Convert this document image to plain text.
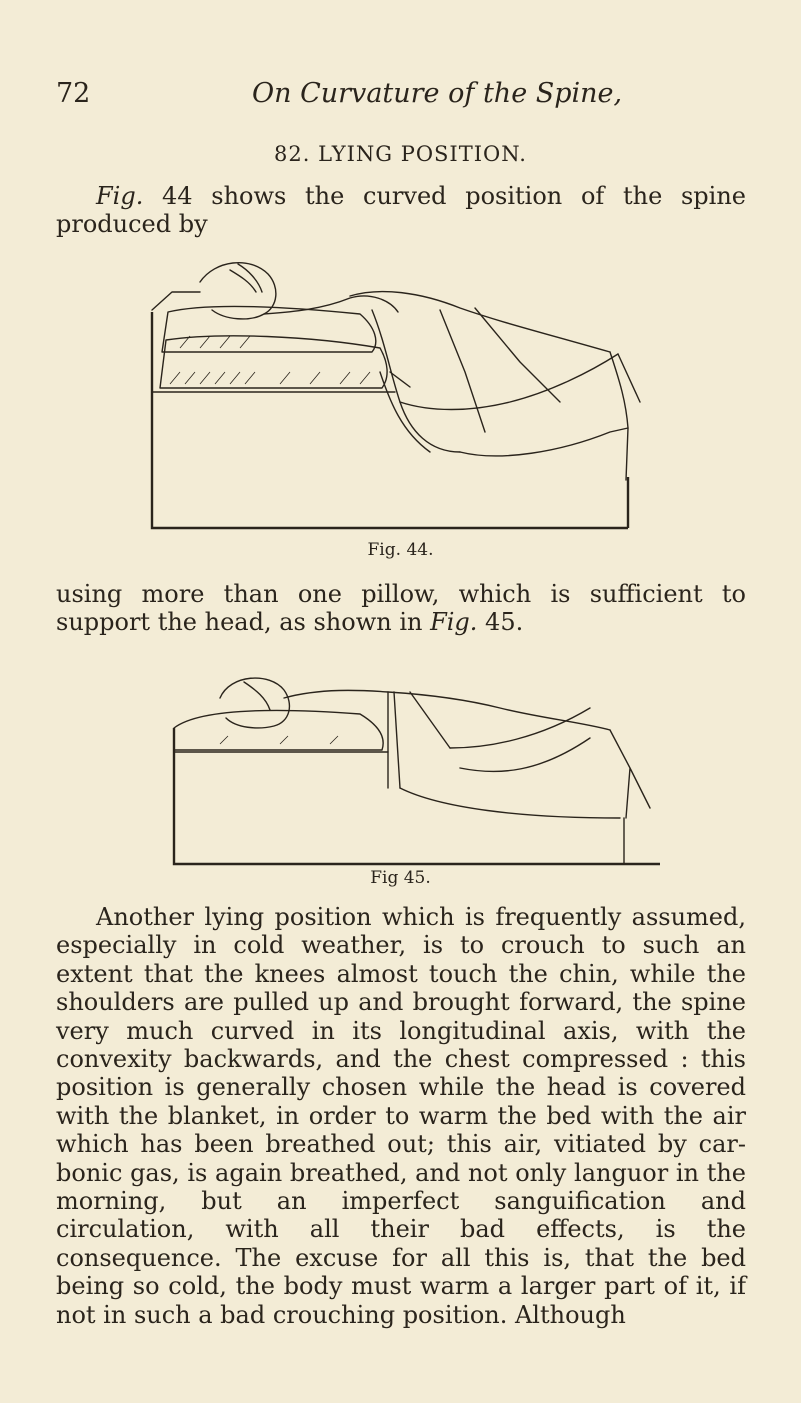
72	On Curvature of the Spine,
82. LYING POSITION.
Fig. 44 shows the curved position of the spine produced by
Fig. 44.
using more than one pillow, which is sufficient to support the head, as shown in Fig. 45.
Fig 45.
Another lying position which is frequently assumed, especially in cold weather, is to crouch to such an extent that the knees almost touch the chin, while the shoulders are pulled up and brought forward, the spine very much curved in its longitudinal axis, with the convexity backwards, and the chest compressed : this position is generally chosen while the head is covered with the blanket, in order to warm the bed with the air which has been breathed out; this air, vitiated by carbonic gas, is again breathed, and not only languor in the morning, but an imperfect sanguification and circulation, with all their bad effects, is the consequence. The excuse for all this is, that the bed being so cold, the body must warm a larger part of it, if not in such a bad crouching position. Although
